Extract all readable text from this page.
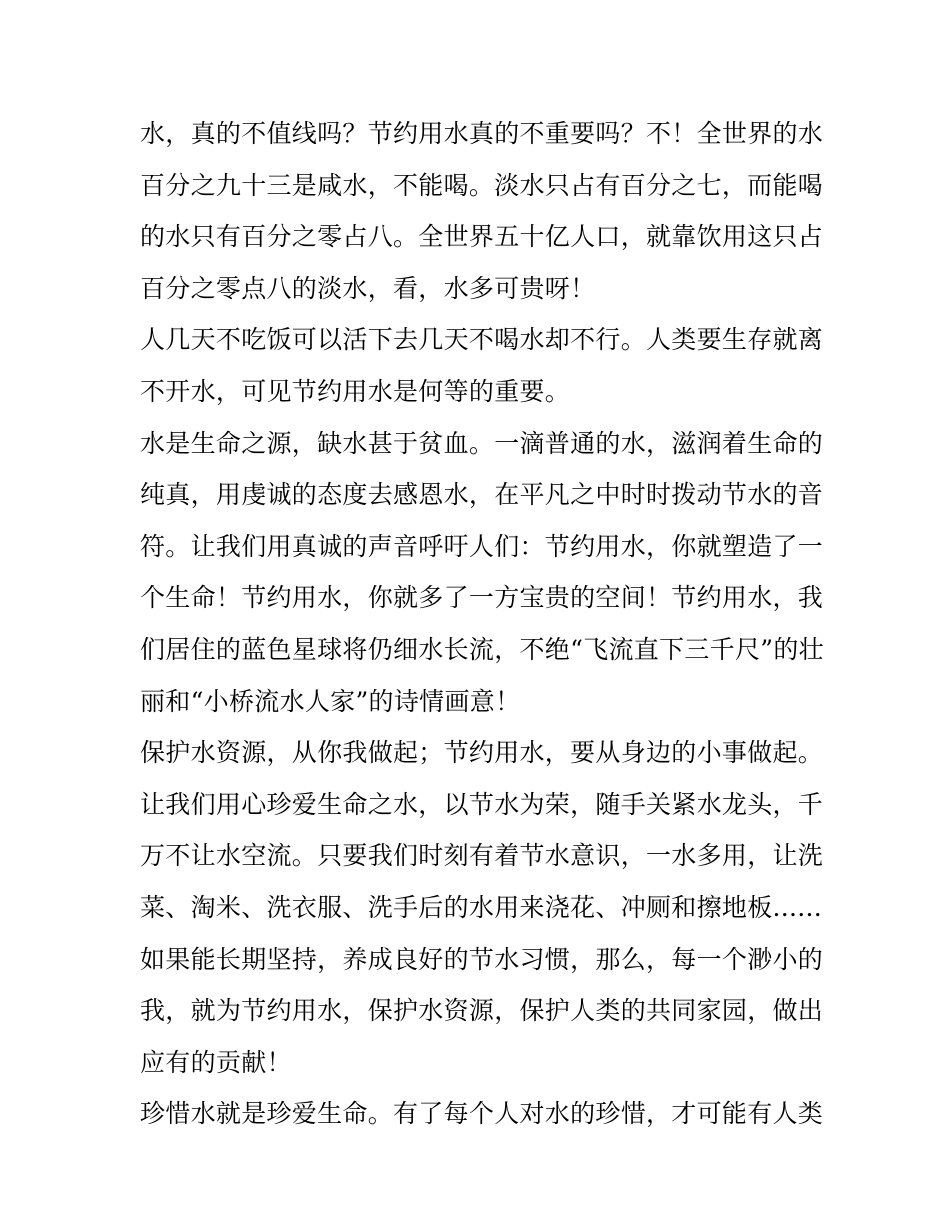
水，真的不值线吗？节约用水真的不重要吗？不！全世界的水
百分之九十三是咸水，不能喝。淡水只占有百分之七，而能喝
的水只有百分之零占八。全世界五十亿人口，就靠饮用这只占
百分之零点八的淡水，看，水多可贵呀！
人几天不吃饭可以活下去几天不喝水却不行。人类要生存就离
不开水，可见节约用水是何等的重要。
水是生命之源，缺水甚于贫血。一滴普通的水，滋润着生命的
纯真，用虔诚的态度去感恩水，在平凡之中时时拨动节水的音
符。让我们用真诚的声音呼吁人们：节约用水，你就塑造了一
个生命！节约用水，你就多了一方宝贵的空间！节约用水，我
们居住的蓝色星球将仍细水长流，不绝“飞流直下三千尺”的壮
丽和“小桥流水人家”的诗情画意！
保护水资源，从你我做起；节约用水，要从身边的小事做起。
让我们用心珍爱生命之水，以节水为荣，随手关紧水龙头，千
万不让水空流。只要我们时刻有着节水意识，一水多用，让洗
菜、淘米、洗衣服、洗手后的水用来浇花、冲厕和擦地板......
如果能长期坚持，养成良好的节水习惯，那么，每一个渺小的
我，就为节约用水，保护水资源，保护人类的共同家园，做出
应有的贡献！
珍惜水就是珍爱生命。有了每个人对水的珍惜，才可能有人类
